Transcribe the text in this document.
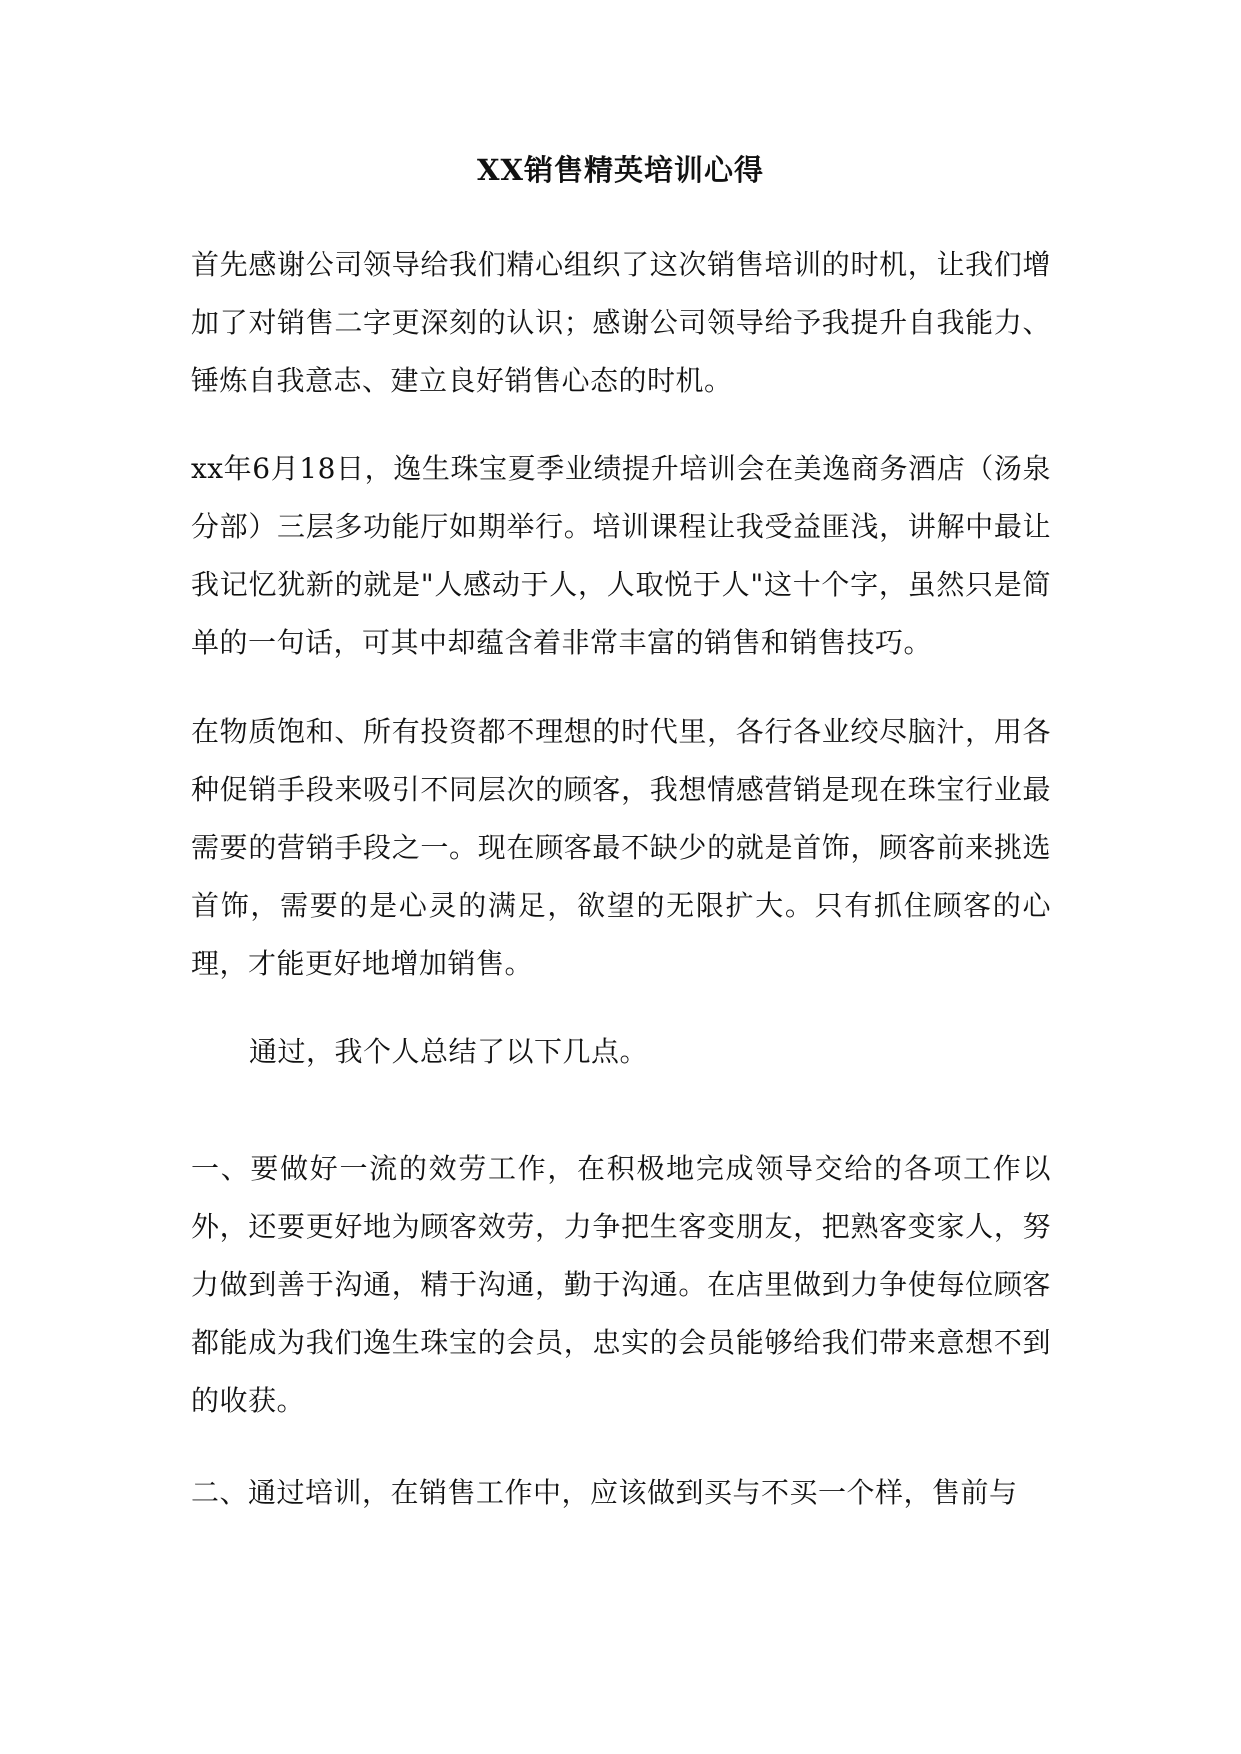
XX销售精英培训心得

首先感谢公司领导给我们精心组织了这次销售培训的时机，让我们增加了对销售二字更深刻的认识；感谢公司领导给予我提升自我能力、锤炼自我意志、建立良好销售心态的时机。

xx年6月18日，逸生珠宝夏季业绩提升培训会在美逸商务酒店（汤泉分部）三层多功能厅如期举行。培训课程让我受益匪浅，讲解中最让我记忆犹新的就是"人感动于人，人取悦于人"这十个字，虽然只是简单的一句话，可其中却蕴含着非常丰富的销售和销售技巧。

在物质饱和、所有投资都不理想的时代里，各行各业绞尽脑汁，用各种促销手段来吸引不同层次的顾客，我想情感营销是现在珠宝行业最需要的营销手段之一。现在顾客最不缺少的就是首饰，顾客前来挑选首饰，需要的是心灵的满足，欲望的无限扩大。只有抓住顾客的心理，才能更好地增加销售。

通过，我个人总结了以下几点。

一、要做好一流的效劳工作，在积极地完成领导交给的各项工作以外，还要更好地为顾客效劳，力争把生客变朋友，把熟客变家人，努力做到善于沟通，精于沟通，勤于沟通。在店里做到力争使每位顾客都能成为我们逸生珠宝的会员，忠实的会员能够给我们带来意想不到的收获。

二、通过培训，在销售工作中，应该做到买与不买一个样，售前与
